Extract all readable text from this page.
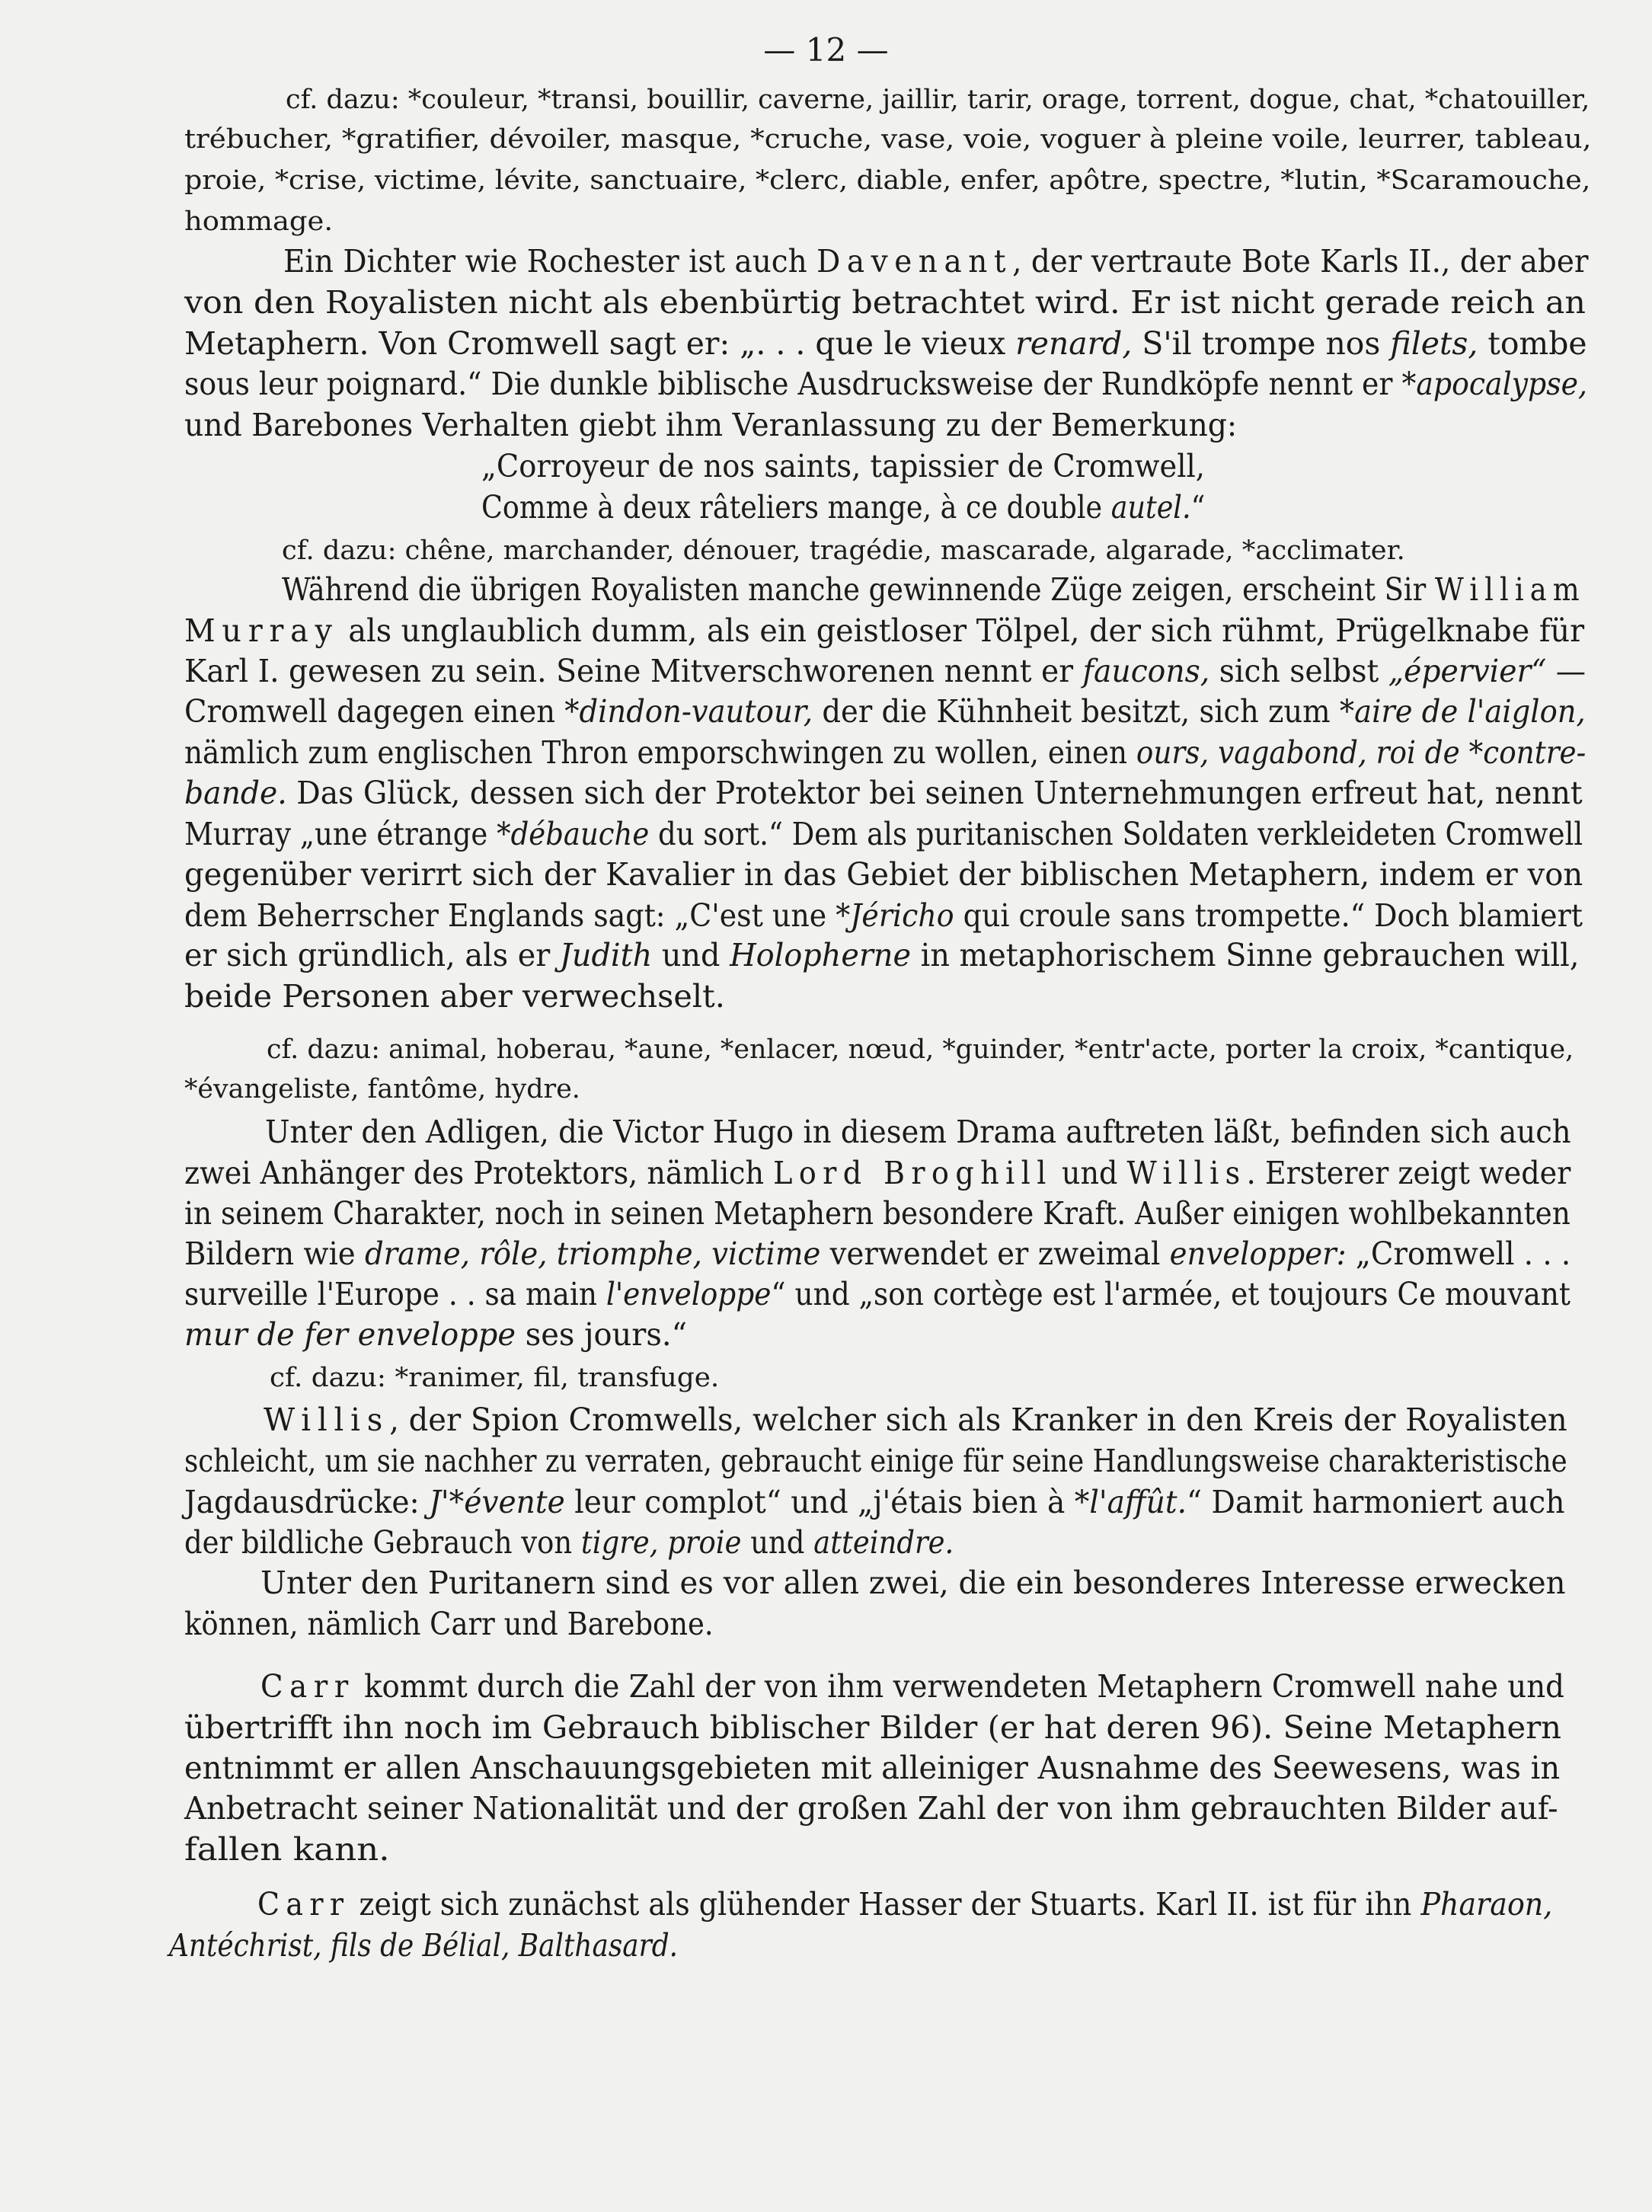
— 12 —
cf. dazu: *couleur, *transi, bouillir, caverne, jaillir, tarir, orage, torrent, dogue, chat, *chatouiller,
trébucher, *gratifier, dévoiler, masque, *cruche, vase, voie, voguer à pleine voile, leurrer, tableau,
proie, *crise, victime, lévite, sanctuaire, *clerc, diable, enfer, apôtre, spectre, *lutin, *Scaramouche,
hommage.
Ein Dichter wie Rochester ist auch Davenant, der vertraute Bote Karls II., der aber
von den Royalisten nicht als ebenbürtig betrachtet wird. Er ist nicht gerade reich an
Metaphern. Von Cromwell sagt er: „. . . que le vieux renard, S'il trompe nos filets, tombe
sous leur poignard.“ Die dunkle biblische Ausdrucksweise der Rundköpfe nennt er *apocalypse,
und Barebones Verhalten giebt ihm Veranlassung zu der Bemerkung:
„Corroyeur de nos saints, tapissier de Cromwell,
Comme à deux râteliers mange, à ce double autel.“
cf. dazu: chêne, marchander, dénouer, tragédie, mascarade, algarade, *acclimater.
Während die übrigen Royalisten manche gewinnende Züge zeigen, erscheint Sir William
Murray als unglaublich dumm, als ein geistloser Tölpel, der sich rühmt, Prügelknabe für
Karl I. gewesen zu sein. Seine Mitverschworenen nennt er faucons, sich selbst „épervier“ —
Cromwell dagegen einen *dindon-vautour, der die Kühnheit besitzt, sich zum *aire de l'aiglon,
nämlich zum englischen Thron emporschwingen zu wollen, einen ours, vagabond, roi de *contre-
bande. Das Glück, dessen sich der Protektor bei seinen Unternehmungen erfreut hat, nennt
Murray „une étrange *débauche du sort.“ Dem als puritanischen Soldaten verkleideten Cromwell
gegenüber verirrt sich der Kavalier in das Gebiet der biblischen Metaphern, indem er von
dem Beherrscher Englands sagt: „C'est une *Jéricho qui croule sans trompette.“ Doch blamiert
er sich gründlich, als er Judith und Holopherne in metaphorischem Sinne gebrauchen will,
beide Personen aber verwechselt.
cf. dazu: animal, hoberau, *aune, *enlacer, nœud, *guinder, *entr'acte, porter la croix, *cantique,
*évangeliste, fantôme, hydre.
Unter den Adligen, die Victor Hugo in diesem Drama auftreten läßt, befinden sich auch
zwei Anhänger des Protektors, nämlich Lord Broghill und Willis. Ersterer zeigt weder
in seinem Charakter, noch in seinen Metaphern besondere Kraft. Außer einigen wohlbekannten
Bildern wie drame, rôle, triomphe, victime verwendet er zweimal envelopper: „Cromwell . . .
surveille l'Europe . . sa main l'enveloppe“ und „son cortège est l'armée, et toujours Ce mouvant
mur de fer enveloppe ses jours.“
cf. dazu: *ranimer, fil, transfuge.
Willis, der Spion Cromwells, welcher sich als Kranker in den Kreis der Royalisten
schleicht, um sie nachher zu verraten, gebraucht einige für seine Handlungsweise charakteristische
Jagdausdrücke: J'*évente leur complot“ und „j'étais bien à *l'affût.“ Damit harmoniert auch
der bildliche Gebrauch von tigre, proie und atteindre.
Unter den Puritanern sind es vor allen zwei, die ein besonderes Interesse erwecken
können, nämlich Carr und Barebone.
Carr kommt durch die Zahl der von ihm verwendeten Metaphern Cromwell nahe und
übertrifft ihn noch im Gebrauch biblischer Bilder (er hat deren 96). Seine Metaphern
entnimmt er allen Anschauungsgebieten mit alleiniger Ausnahme des Seewesens, was in
Anbetracht seiner Nationalität und der großen Zahl der von ihm gebrauchten Bilder auf-
fallen kann.
Carr zeigt sich zunächst als glühender Hasser der Stuarts. Karl II. ist für ihn Pharaon,
Antéchrist, fils de Bélial, Balthasard.
